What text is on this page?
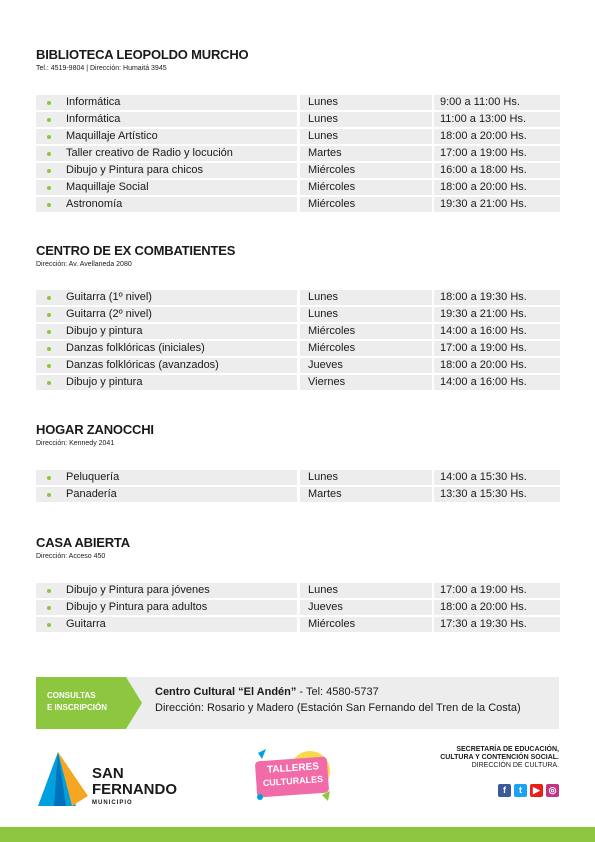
BIBLIOTECA LEOPOLDO MURCHO

Tel.: 4519-9804 | Dirección: Humaitá 3945

Informática	Lunes	9:00 a 11:00 Hs.
Informática	Lunes	11:00 a 13:00 Hs.
Maquillaje Artístico	Lunes	18:00 a 20:00 Hs.
Taller creativo de Radio y locución	Martes	17:00 a 19:00 Hs.
Dibujo y Pintura para chicos	Miércoles	16:00 a 18:00 Hs.
Maquillaje Social	Miércoles	18:00 a 20:00 Hs.
Astronomía	Miércoles	19:30 a 21:00 Hs.
CENTRO DE EX COMBATIENTES

Dirección: Av. Avellaneda 2080

Guitarra (1º nivel)	Lunes	18:00 a 19:30 Hs.
Guitarra (2º nivel)	Lunes	19:30 a 21:00 Hs.
Dibujo y pintura	Miércoles	14:00 a 16:00 Hs.
Danzas folklóricas (iniciales)	Miércoles	17:00 a 19:00 Hs.
Danzas folklóricas (avanzados)	Jueves	18:00 a 20:00 Hs.
Dibujo y pintura	Viernes	14:00 a 16:00 Hs.
HOGAR ZANOCCHI

Dirección: Kennedy 2041

Peluquería	Lunes	14:00 a 15:30 Hs.
Panadería	Martes	13:30 a 15:30 Hs.
CASA ABIERTA

Dirección: Acceso 450

Dibujo y Pintura para jóvenes	Lunes	17:00 a 19:00 Hs.
Dibujo y Pintura para adultos	Jueves	18:00 a 20:00 Hs.
Guitarra	Miércoles	17:30 a 19:30 Hs.
CONSULTAS
E INSCRIPCIÓN
Centro Cultural “El Andén” - Tel: 4580-5737
Dirección: Rosario y Madero (Estación San Fernando del Tren de la Costa)
SAN
FERNANDO
MUNICIPIO
TALLERES
CULTURALES
SECRETARÍA DE EDUCACIÓN,
CULTURA Y CONTENCIÓN SOCIAL.
DIRECCIÓN DE CULTURA.
f t ▶ ◎
